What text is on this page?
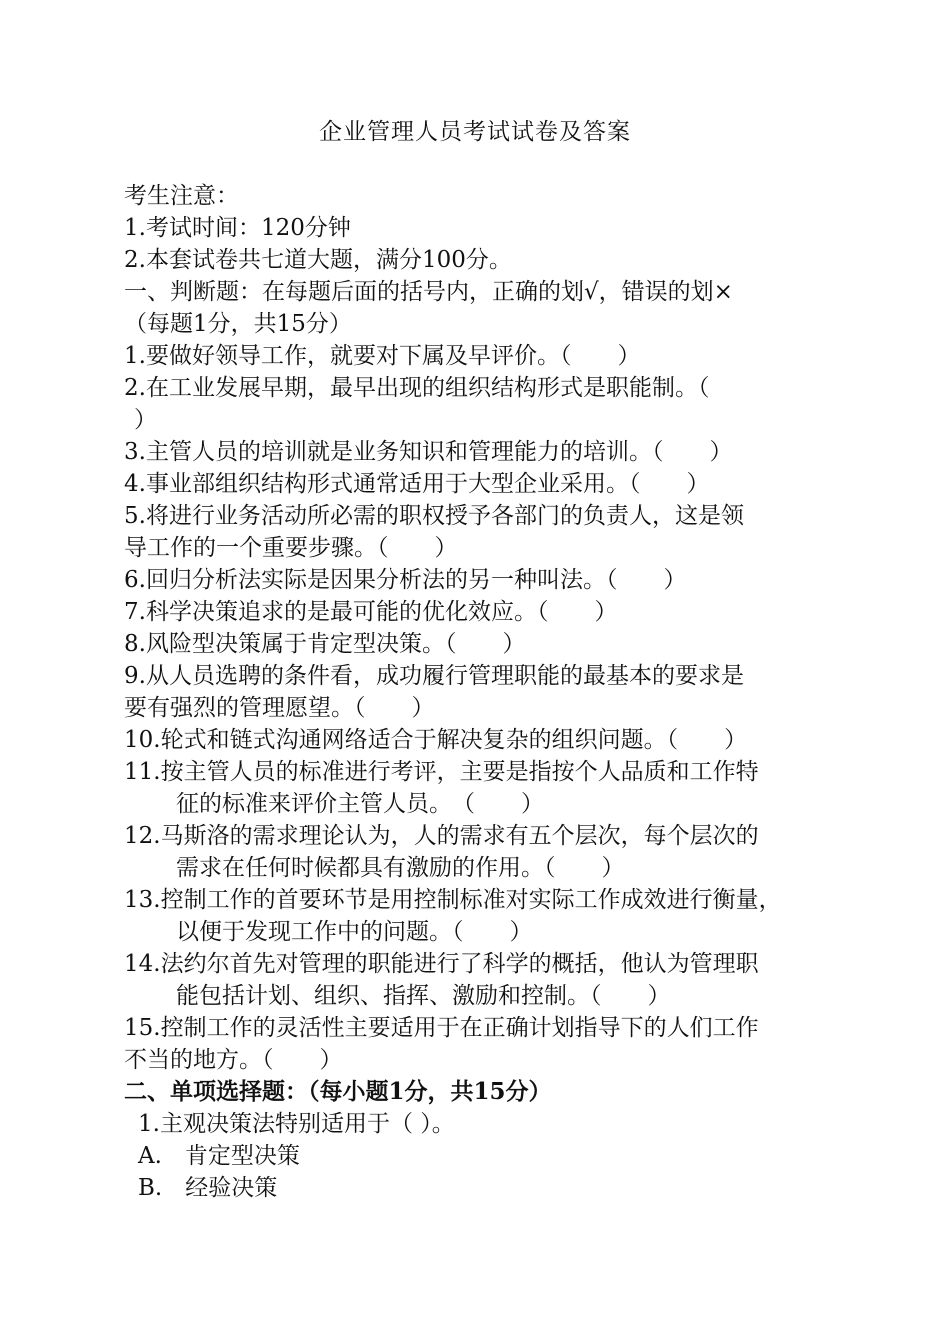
企业管理人员考试试卷及答案
考生注意：
1.考试时间：120分钟
2.本套试卷共七道大题，满分100分。
一、判断题：在每题后面的括号内，正确的划√，错误的划×
（每题1分，共15分）
1.要做好领导工作，就要对下属及早评价。（　　）
2.在工业发展早期，最早出现的组织结构形式是职能制。（
）
3.主管人员的培训就是业务知识和管理能力的培训。（　　）
4.事业部组织结构形式通常适用于大型企业采用。（　　）
5.将进行业务活动所必需的职权授予各部门的负责人，这是领
导工作的一个重要步骤。（　　）
6.回归分析法实际是因果分析法的另一种叫法。（　　）
7.科学决策追求的是最可能的优化效应。（　　）
8.风险型决策属于肯定型决策。（　　）
9.从人员选聘的条件看，成功履行管理职能的最基本的要求是
要有强烈的管理愿望。（　　）
10.轮式和链式沟通网络适合于解决复杂的组织问题。（　　）
11.按主管人员的标准进行考评，主要是指按个人品质和工作特
征的标准来评价主管人员。　（　　）
12.马斯洛的需求理论认为，人的需求有五个层次，每个层次的
需求在任何时候都具有激励的作用。（　　）
13.控制工作的首要环节是用控制标准对实际工作成效进行衡量，
以便于发现工作中的问题。（　　）
14.法约尔首先对管理的职能进行了科学的概括，他认为管理职
能包括计划、组织、指挥、激励和控制。（　　）
15.控制工作的灵活性主要适用于在正确计划指导下的人们工作
不当的地方。（　　）
二、单项选择题：（每小题1分，共15分）
1.主观决策法特别适用于（ ）。
A.　肯定型决策
B.　经验决策
